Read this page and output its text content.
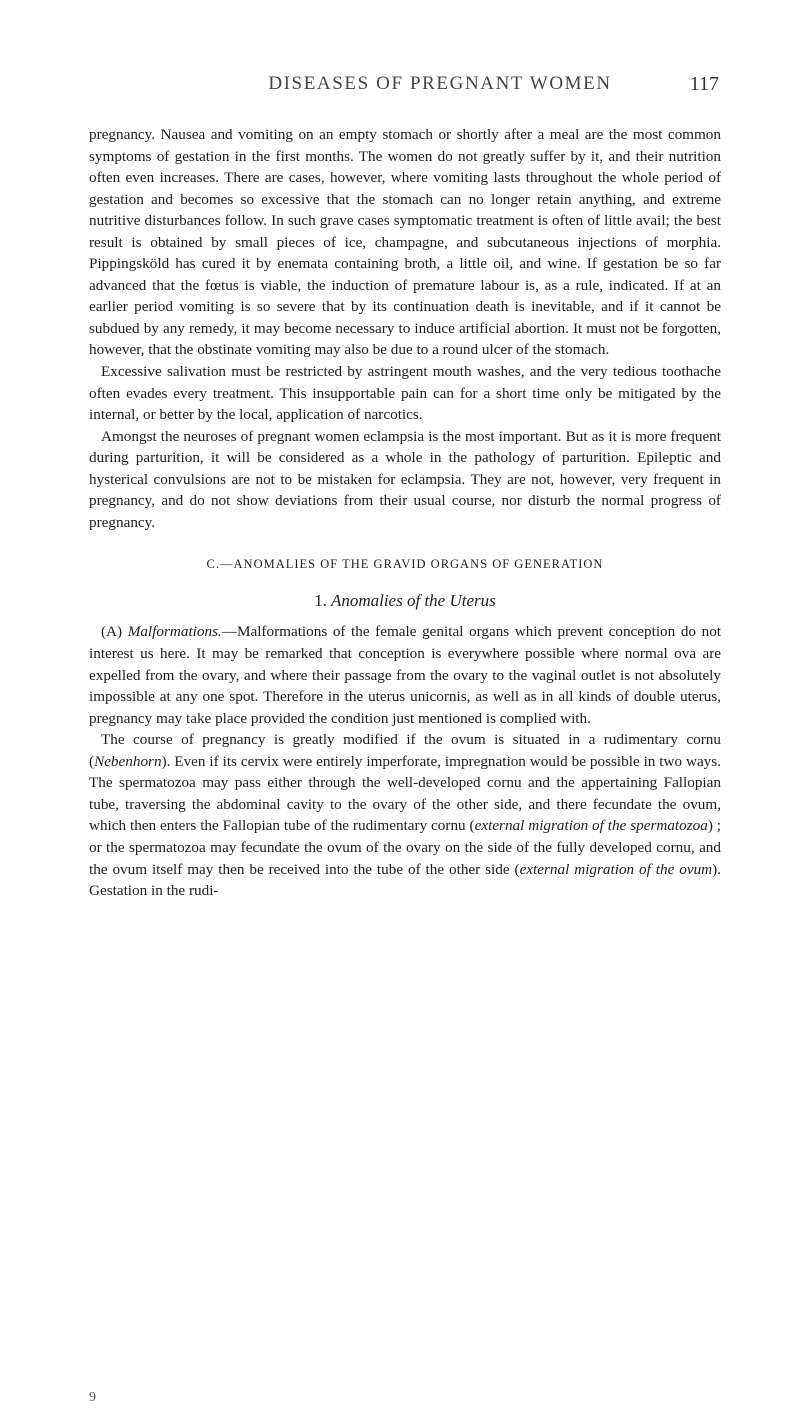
DISEASES OF PREGNANT WOMEN	117

pregnancy. Nausea and vomiting on an empty stomach or shortly after a meal are the most common symptoms of gestation in the first months. The women do not greatly suffer by it, and their nutrition often even increases. There are cases, however, where vomiting lasts throughout the whole period of gestation and becomes so excessive that the stomach can no longer retain anything, and extreme nutritive disturbances follow. In such grave cases symptomatic treatment is often of little avail; the best result is obtained by small pieces of ice, champagne, and subcutaneous injections of morphia. Pippingsköld has cured it by enemata containing broth, a little oil, and wine. If gestation be so far advanced that the fœtus is viable, the induction of premature labour is, as a rule, indicated. If at an earlier period vomiting is so severe that by its continuation death is inevitable, and if it cannot be subdued by any remedy, it may become necessary to induce artificial abortion. It must not be forgotten, however, that the obstinate vomiting may also be due to a round ulcer of the stomach.

Excessive salivation must be restricted by astringent mouth washes, and the very tedious toothache often evades every treatment. This insupportable pain can for a short time only be mitigated by the internal, or better by the local, application of narcotics.

Amongst the neuroses of pregnant women eclampsia is the most important. But as it is more frequent during parturition, it will be considered as a whole in the pathology of parturition. Epileptic and hysterical convulsions are not to be mistaken for eclampsia. They are not, however, very frequent in pregnancy, and do not show deviations from their usual course, nor disturb the normal progress of pregnancy.

C.—ANOMALIES OF THE GRAVID ORGANS OF GENERATION
1. Anomalies of the Uterus

(A) Malformations.—Malformations of the female genital organs which prevent conception do not interest us here. It may be remarked that conception is everywhere possible where normal ova are expelled from the ovary, and where their passage from the ovary to the vaginal outlet is not absolutely impossible at any one spot. Therefore in the uterus unicornis, as well as in all kinds of double uterus, pregnancy may take place provided the condition just mentioned is complied with.

The course of pregnancy is greatly modified if the ovum is situated in a rudimentary cornu (Nebenhorn). Even if its cervix were entirely imperforate, impregnation would be possible in two ways. The spermatozoa may pass either through the well-developed cornu and the appertaining Fallopian tube, traversing the abdominal cavity to the ovary of the other side, and there fecundate the ovum, which then enters the Fallopian tube of the rudimentary cornu (external migration of the spermatozoa) ; or the spermatozoa may fecundate the ovum of the ovary on the side of the fully developed cornu, and the ovum itself may then be received into the tube of the other side (external migration of the ovum). Gestation in the rudi-

9
